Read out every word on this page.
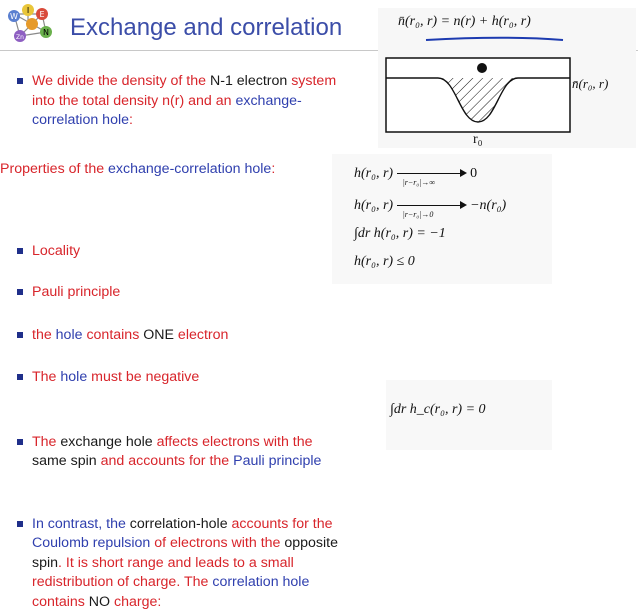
I E
W
N
Zn Exchange and correlation
We divide the density of the N-1 electron system
into the total density n(r) and an exchange-
correlation hole:
Properties of the exchange-correlation hole:
Locality
Pauli principle
the hole contains ONE electron
The hole must be negative
The exchange hole affects electrons with the
same spin and accounts for the Pauli principle
In contrast, the correlation-hole accounts for the
Coulomb repulsion of electrons with the opposite
spin. It is short range and leads to a small
redistribution of charge. The correlation hole
contains NO charge:
n̄(r₀, r) = n(r) + h(r₀, r)
r₀
n̄(r₀, r)
h(r₀, r)
|r−r₀|→∞
0
h(r₀, r)
|r−r₀|→0
−n(r₀)
∫dr h(r₀, r) = −1
h(r₀, r) ≤ 0
∫dr h_c(r₀, r) = 0
